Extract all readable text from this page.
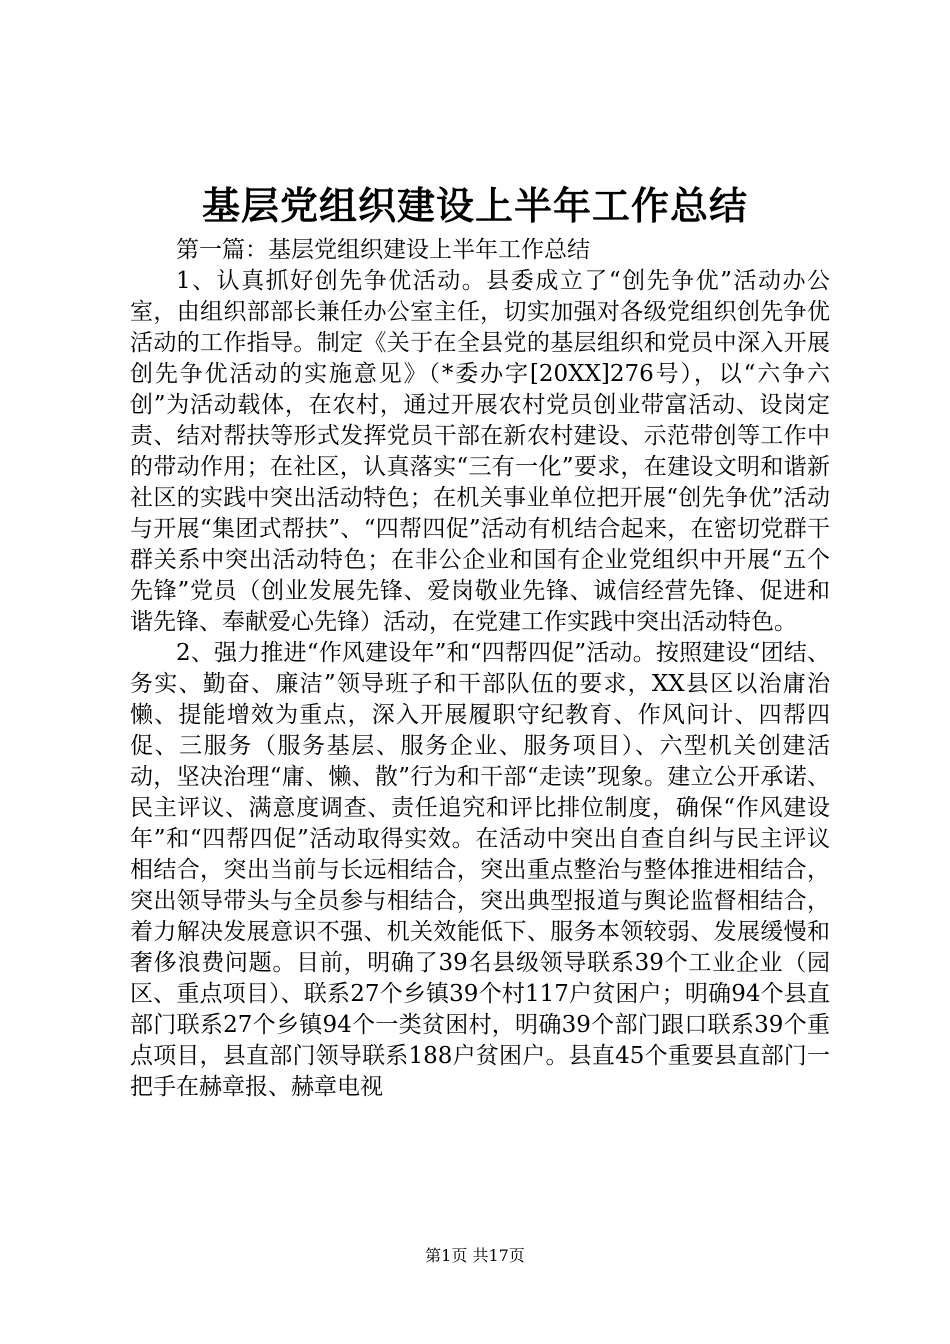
基层党组织建设上半年工作总结

第一篇：基层党组织建设上半年工作总结

1、认真抓好创先争优活动。县委成立了“创先争优”活动办公室，由组织部部长兼任办公室主任，切实加强对各级党组织创先争优活动的工作指导。制定《关于在全县党的基层组织和党员中深入开展创先争优活动的实施意见》（*委办字[20XX]276号），以“六争六创”为活动载体，在农村，通过开展农村党员创业带富活动、设岗定责、结对帮扶等形式发挥党员干部在新农村建设、示范带创等工作中的带动作用；在社区，认真落实“三有一化”要求，在建设文明和谐新社区的实践中突出活动特色；在机关事业单位把开展“创先争优”活动与开展“集团式帮扶”、“四帮四促”活动有机结合起来，在密切党群干群关系中突出活动特色；在非公企业和国有企业党组织中开展“五个先锋”党员（创业发展先锋、爱岗敬业先锋、诚信经营先锋、促进和谐先锋、奉献爱心先锋）活动，在党建工作实践中突出活动特色。

2、强力推进“作风建设年”和“四帮四促”活动。按照建设“团结、务实、勤奋、廉洁”领导班子和干部队伍的要求，XX县区以治庸治懒、提能增效为重点，深入开展履职守纪教育、作风问计、四帮四促、三服务（服务基层、服务企业、服务项目）、六型机关创建活动，坚决治理“庸、懒、散”行为和干部“走读”现象。建立公开承诺、民主评议、满意度调查、责任追究和评比排位制度，确保“作风建设年”和“四帮四促”活动取得实效。在活动中突出自查自纠与民主评议相结合，突出当前与长远相结合，突出重点整治与整体推进相结合，突出领导带头与全员参与相结合，突出典型报道与舆论监督相结合，着力解决发展意识不强、机关效能低下、服务本领较弱、发展缓慢和奢侈浪费问题。目前，明确了39名县级领导联系39个工业企业（园区、重点项目）、联系27个乡镇39个村117户贫困户；明确94个县直部门联系27个乡镇94个一类贫困村，明确39个部门跟口联系39个重点项目，县直部门领导联系188户贫困户。县直45个重要县直部门一把手在赫章报、赫章电视

第1页 共17页
